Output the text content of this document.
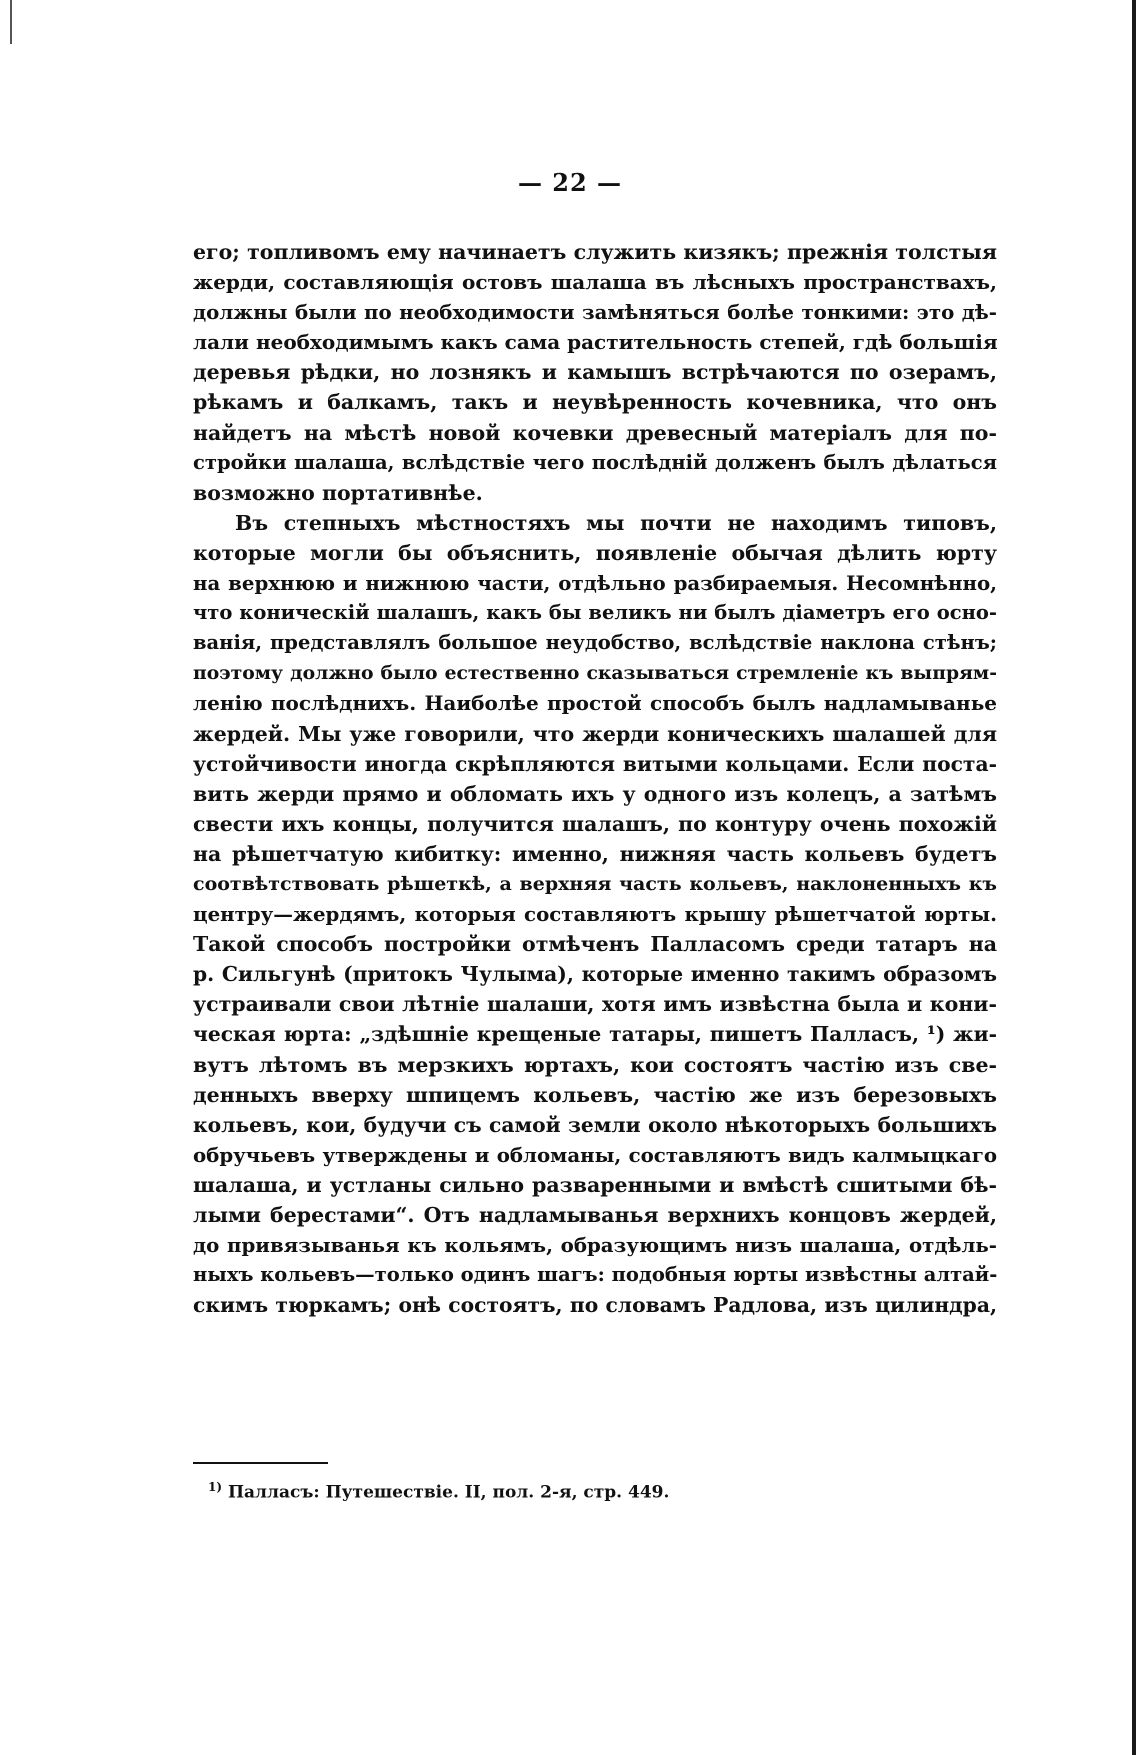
— 22 —
его; топливомъ ему начинаетъ служить кизякъ; прежнія толстыя
жерди, составляющія остовъ шалаша въ лѣсныхъ пространствахъ,
должны были по необходимости замѣняться болѣе тонкими: это дѣ-
лали необходимымъ какъ сама растительность степей, гдѣ большія
деревья рѣдки, но лознякъ и камышъ встрѣчаются по озерамъ,
рѣкамъ и балкамъ, такъ и неувѣренность кочевника, что онъ
найдетъ на мѣстѣ новой кочевки древесный матеріалъ для по-
стройки шалаша, вслѣдствіе чего послѣдній долженъ былъ дѣлаться
возможно портативнѣе.
Въ степныхъ мѣстностяхъ мы почти не находимъ типовъ,
которые могли бы объяснить, появленіе обычая дѣлить юрту
на верхнюю и нижнюю части, отдѣльно разбираемыя. Несомнѣнно,
что коническій шалашъ, какъ бы великъ ни былъ діаметръ его осно-
ванія, представлялъ большое неудобство, вслѣдствіе наклона стѣнъ;
поэтому должно было естественно сказываться стремленіе къ выпрям-
ленію послѣднихъ. Наиболѣе простой способъ былъ надламыванье
жердей. Мы уже говорили, что жерди коническихъ шалашей для
устойчивости иногда скрѣпляются витыми кольцами. Если поста-
вить жерди прямо и обломать ихъ у одного изъ колецъ, а затѣмъ
свести ихъ концы, получится шалашъ, по контуру очень похожій
на рѣшетчатую кибитку: именно, нижняя часть кольевъ будетъ
соотвѣтствовать рѣшеткѣ, а верхняя часть кольевъ, наклоненныхъ къ
центру—жердямъ, которыя составляютъ крышу рѣшетчатой юрты.
Такой способъ постройки отмѣченъ Палласомъ среди татаръ на
р. Сильгунѣ (притокъ Чулыма), которые именно такимъ образомъ
устраивали свои лѣтніе шалаши, хотя имъ извѣстна была и кони-
ческая юрта: „здѣшніе крещеные татары, пишетъ Палласъ, ¹) жи-
вутъ лѣтомъ въ мерзкихъ юртахъ, кои состоятъ частію изъ све-
денныхъ вверху шпицемъ кольевъ, частію же изъ березовыхъ
кольевъ, кои, будучи съ самой земли около нѣкоторыхъ большихъ
обручьевъ утверждены и обломаны, составляютъ видъ калмыцкаго
шалаша, и устланы сильно разваренными и вмѣстѣ сшитыми бѣ-
лыми берестами“. Отъ надламыванья верхнихъ концовъ жердей,
до привязыванья къ кольямъ, образующимъ низъ шалаша, отдѣль-
ныхъ кольевъ—только одинъ шагъ: подобныя юрты извѣстны алтай-
скимъ тюркамъ; онѣ состоятъ, по словамъ Радлова, изъ цилиндра,
$^{1)}$ Палласъ: Путешествіе. II, пол. 2-я, стр. 449.
